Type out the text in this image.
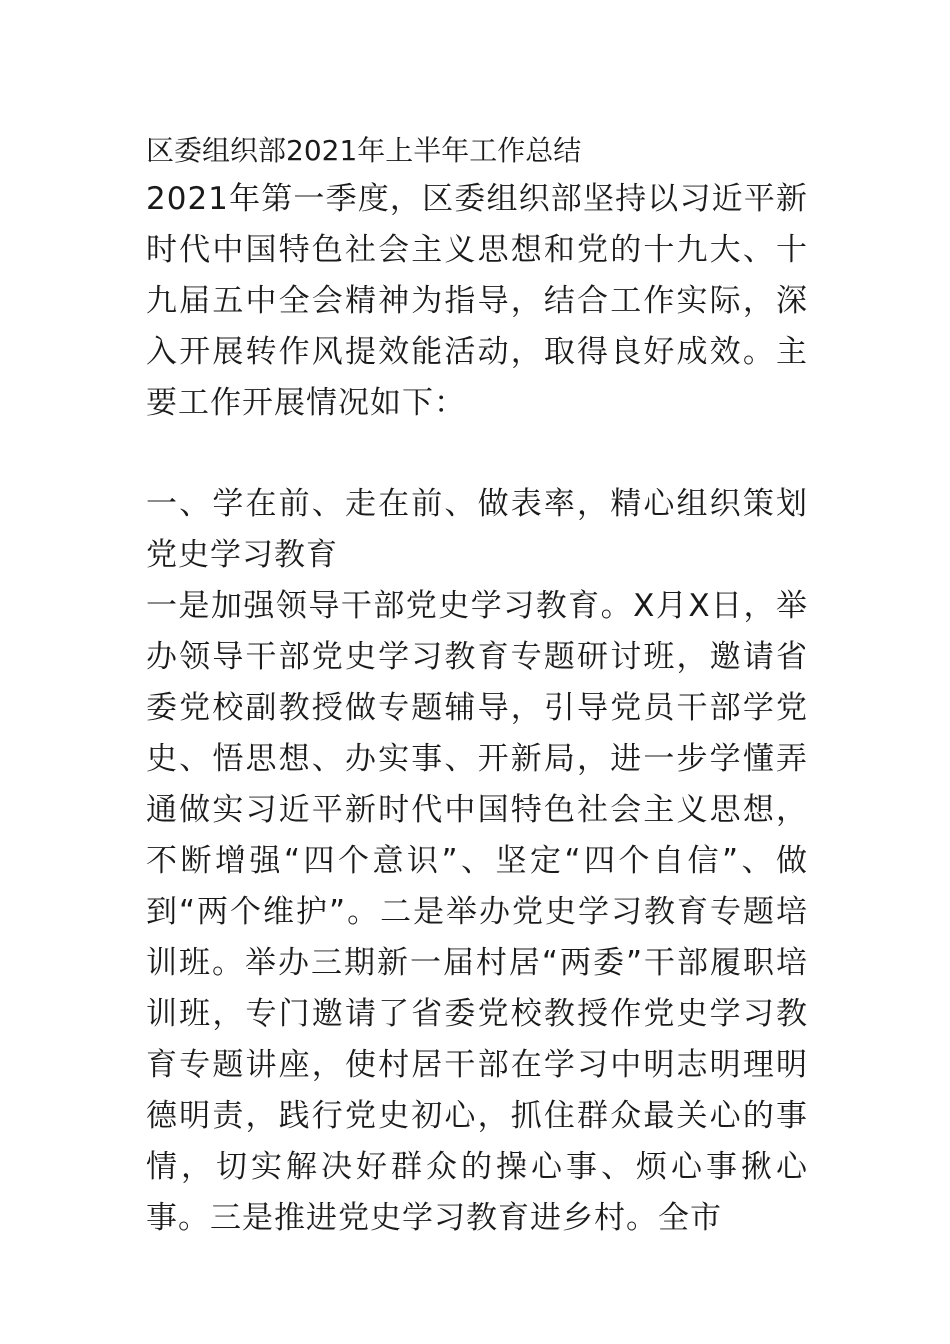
区委组织部2021年上半年工作总结

2021年第一季度，区委组织部坚持以习近平新时代中国特色社会主义思想和党的十九大、十九届五中全会精神为指导，结合工作实际，深入开展转作风提效能活动，取得良好成效。主要工作开展情况如下：

一、学在前、走在前、做表率，精心组织策划党史学习教育

一是加强领导干部党史学习教育。X月X日，举办领导干部党史学习教育专题研讨班，邀请省委党校副教授做专题辅导，引导党员干部学党史、悟思想、办实事、开新局，进一步学懂弄通做实习近平新时代中国特色社会主义思想，不断增强“四个意识”、坚定“四个自信”、做到“两个维护”。二是举办党史学习教育专题培训班。举办三期新一届村居“两委”干部履职培训班，专门邀请了省委党校教授作党史学习教育专题讲座，使村居干部在学习中明志明理明德明责，践行党史初心，抓住群众最关心的事情，切实解决好群众的操心事、烦心事揪心事。三是推进党史学习教育进乡村。全市
